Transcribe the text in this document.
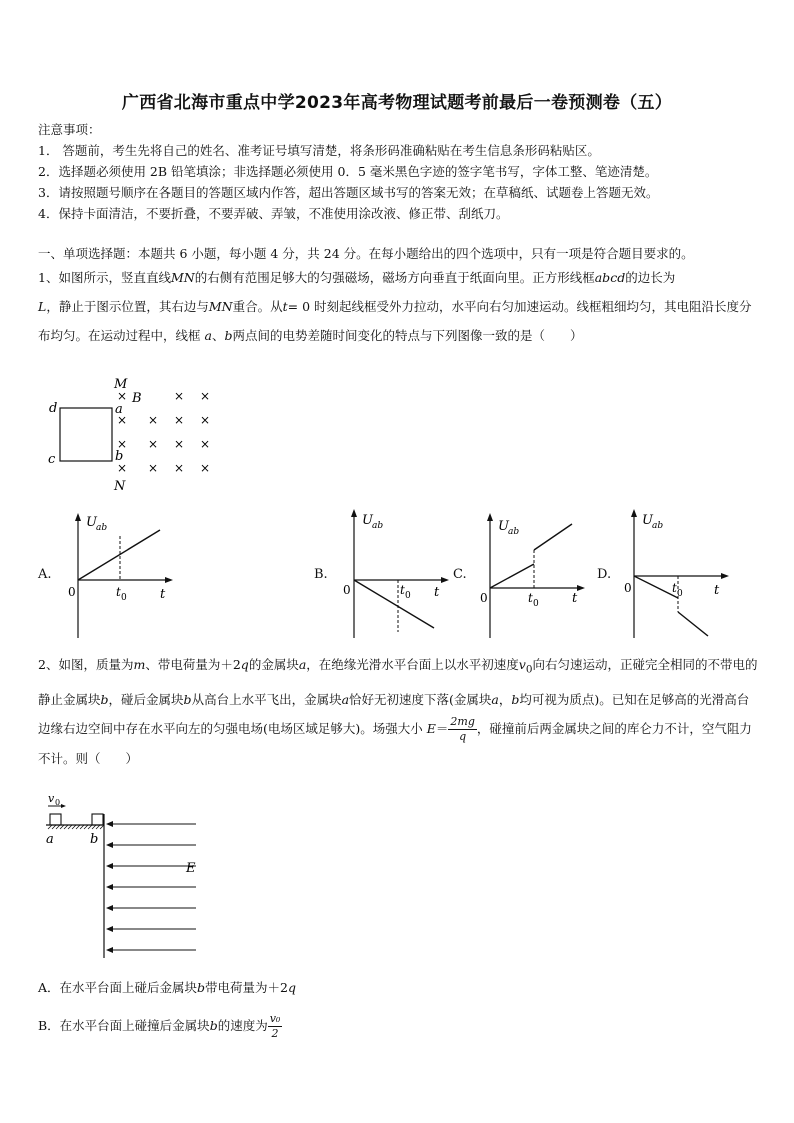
广西省北海市重点中学2023年高考物理试题考前最后一卷预测卷（五）
注意事项：
1． 答题前，考生先将自己的姓名、准考证号填写清楚，将条形码准确粘贴在考生信息条形码粘贴区。
2．选择题必须使用 2B 铅笔填涂；非选择题必须使用 0．5 毫米黑色字迹的签字笔书写，字体工整、笔迹清楚。
3．请按照题号顺序在各题目的答题区域内作答，超出答题区域书写的答案无效；在草稿纸、试题卷上答题无效。
4．保持卡面清洁，不要折叠，不要弄破、弄皱，不准使用涂改液、修正带、刮纸刀。
一、单项选择题：本题共 6 小题，每小题 4 分，共 24 分。在每小题给出的四个选项中，只有一项是符合题目要求的。
1、如图所示，竖直直线MN的右侧有范围足够大的匀强磁场，磁场方向垂直于纸面向里。正方形线框abcd的边长为
L，静止于图示位置，其右边与MN重合。从t= 0 时刻起线框受外力拉动，水平向右匀加速运动。线框粗细均匀，其电阻沿长度分布均匀。在运动过程中，线框 a、b两点间的电势差随时间变化的特点与下列图像一致的是（　　）
M
N
B
a
b
c
d
×	× ×
× × × ×
× × × ×
× × × ×
A.	B.	C.	D.
U ab
0	t 0	t
U ab
0	t 0 t
U ab
0	t 0	t
U ab
0	t 0 t
2、如图，质量为m、带电荷量为＋2q的金属块a，在绝缘光滑水平台面上以水平初速度$v_0$向右匀速运动，正碰完全相同的不带电的静止金属块b，碰后金属块b从高台上水平飞出，金属块a恰好无初速度下落(金属块a，b均可视为质点)。已知在足够高的光滑高台边缘右边空间中存在水平向左的匀强电场(电场区域足够大)。场强大小 $E= \frac{2mg}{q}$ ，碰撞前后两金属块之间的库仑力不计，空气阻力不计。则（　　）
v 0
a	b
E
A．在水平台面上碰后金属块b带电荷量为＋2q
B．在水平台面上碰撞后金属块b的速度为 $\frac{\text{v₀}}{2}$
